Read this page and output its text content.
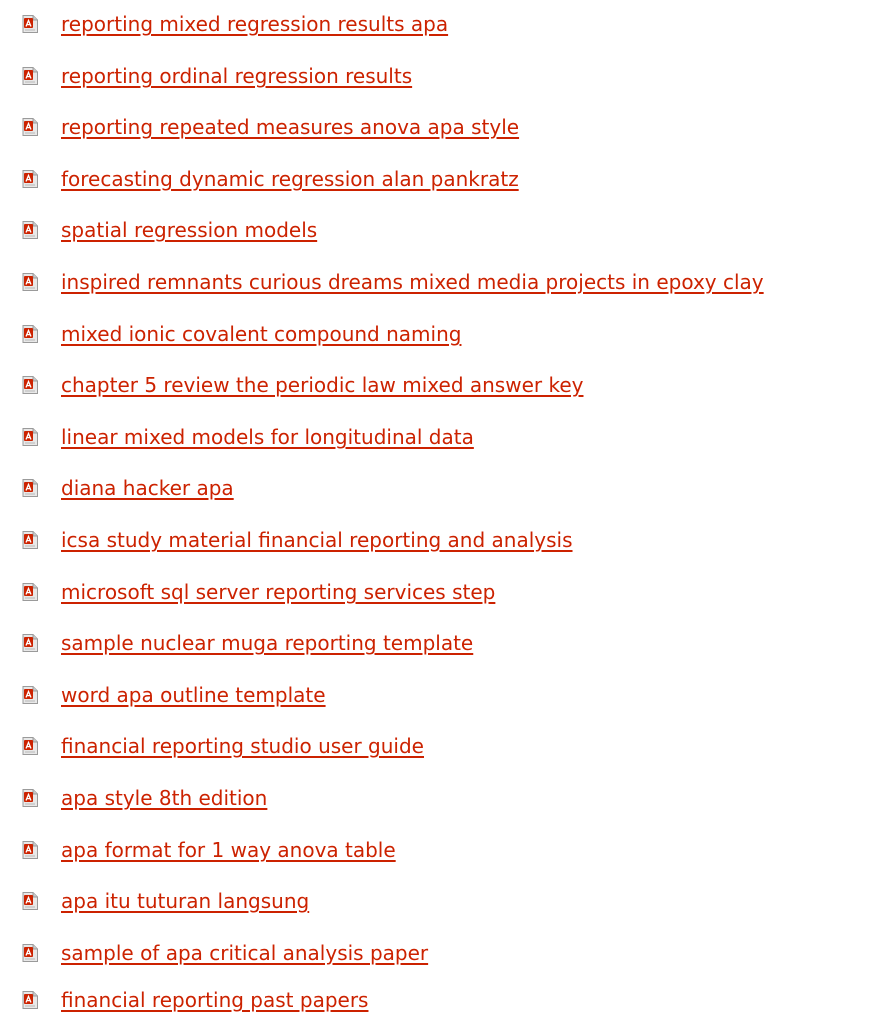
reporting mixed regression results apa
reporting ordinal regression results
reporting repeated measures anova apa style
forecasting dynamic regression alan pankratz
spatial regression models
inspired remnants curious dreams mixed media projects in epoxy clay
mixed ionic covalent compound naming
chapter 5 review the periodic law mixed answer key
linear mixed models for longitudinal data
diana hacker apa
icsa study material financial reporting and analysis
microsoft sql server reporting services step
sample nuclear muga reporting template
word apa outline template
financial reporting studio user guide
apa style 8th edition
apa format for 1 way anova table
apa itu tuturan langsung
sample of apa critical analysis paper
financial reporting past papers
